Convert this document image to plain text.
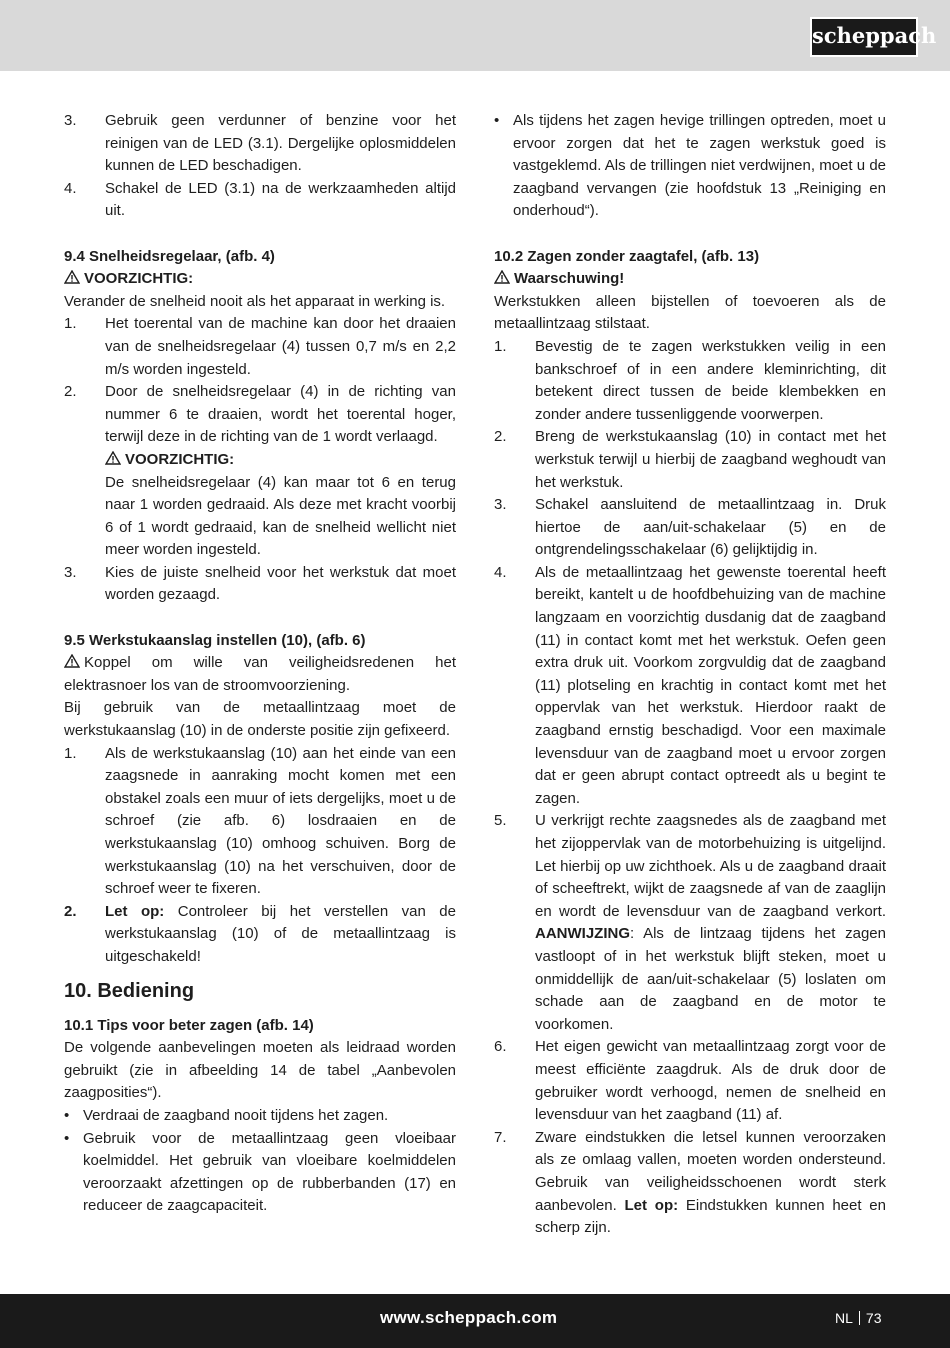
scheppach
3. Gebruik geen verdunner of benzine voor het reinigen van de LED (3.1). Dergelijke oplosmiddelen kunnen de LED beschadigen.
4. Schakel de LED (3.1) na de werkzaamheden altijd uit.

9.4 Snelheidsregelaar, (afb. 4)

VOORZICHTIG:

Verander de snelheid nooit als het apparaat in werking is.

1. Het toerental van de machine kan door het draaien van de snelheidsregelaar (4) tussen 0,7 m/s en 2,2 m/s worden ingesteld.
2. Door de snelheidsregelaar (4) in de richting van nummer 6 te draaien, wordt het toerental hoger, terwijl deze in de richting van de 1 wordt verlaagd.

VOORZICHTIG:

De snelheidsregelaar (4) kan maar tot 6 en terug naar 1 worden gedraaid. Als deze met kracht voorbij 6 of 1 wordt gedraaid, kan de snelheid wellicht niet meer worden ingesteld.

3. Kies de juiste snelheid voor het werkstuk dat moet worden gezaagd.

9.5 Werkstukaanslag instellen (10), (afb. 6)

Koppel om wille van veiligheidsredenen het elektrasnoer los van de stroomvoorziening.

Bij gebruik van de metaallintzaag moet de werkstukaanslag (10) in de onderste positie zijn gefixeerd.

1. Als de werkstukaanslag (10) aan het einde van een zaagsnede in aanraking mocht komen met een obstakel zoals een muur of iets dergelijks, moet u de schroef (zie afb. 6) losdraaien en de werkstukaanslag (10) omhoog schuiven. Borg de werkstukaanslag (10) na het verschuiven, door de schroef weer te fixeren.
2. Let op: Controleer bij het verstellen van de werkstukaanslag (10) of de metaallintzaag is uitgeschakeld!

10. Bediening

10.1 Tips voor beter zagen (afb. 14)

De volgende aanbevelingen moeten als leidraad worden gebruikt (zie in afbeelding 14 de tabel „Aanbevolen zaagposities“).

• Verdraai de zaagband nooit tijdens het zagen.
• Gebruik voor de metaallintzaag geen vloeibaar koelmiddel. Het gebruik van vloeibare koelmiddelen veroorzaakt afzettingen op de rubberbanden (17) en reduceer de zaagcapaciteit.
• Als tijdens het zagen hevige trillingen optreden, moet u ervoor zorgen dat het te zagen werkstuk goed is vastgeklemd. Als de trillingen niet verdwijnen, moet u de zaagband vervangen (zie hoofdstuk 13 „Reiniging en onderhoud“).

10.2 Zagen zonder zaagtafel, (afb. 13)

Waarschuwing!

Werkstukken alleen bijstellen of toevoeren als de metaallintzaag stilstaat.

1. Bevestig de te zagen werkstukken veilig in een bankschroef of in een andere kleminrichting, dit betekent direct tussen de beide klembekken en zonder andere tussenliggende voorwerpen.
2. Breng de werkstukaanslag (10) in contact met het werkstuk terwijl u hierbij de zaagband weghoudt van het werkstuk.
3. Schakel aansluitend de metaallintzaag in. Druk hiertoe de aan/uit-schakelaar (5) en de ontgrendelingsschakelaar (6) gelijktijdig in.
4. Als de metaallintzaag het gewenste toerental heeft bereikt, kantelt u de hoofdbehuizing van de machine langzaam en voorzichtig dusdanig dat de zaagband (11) in contact komt met het werkstuk. Oefen geen extra druk uit. Voorkom zorgvuldig dat de zaagband (11) plotseling en krachtig in contact komt met het oppervlak van het werkstuk. Hierdoor raakt de zaagband ernstig beschadigd. Voor een maximale levensduur van de zaagband moet u ervoor zorgen dat er geen abrupt contact optreedt als u begint te zagen.
5. U verkrijgt rechte zaagsnedes als de zaagband met het zijoppervlak van de motorbehuizing is uitgelijnd. Let hierbij op uw zichthoek. Als u de zaagband draait of scheeftrekt, wijkt de zaagsnede af van de zaaglijn en wordt de levensduur van de zaagband verkort. AANWIJZING: Als de lintzaag tijdens het zagen vastloopt of in het werkstuk blijft steken, moet u onmiddellijk de aan/uit-schakelaar (5) loslaten om schade aan de zaagband en de motor te voorkomen.
6. Het eigen gewicht van metaallintzaag zorgt voor de meest efficiënte zaagdruk. Als de druk door de gebruiker wordt verhoogd, nemen de snelheid en levensduur van het zaagband (11) af.
7. Zware eindstukken die letsel kunnen veroorzaken als ze omlaag vallen, moeten worden ondersteund. Gebruik van veiligheidsschoenen wordt sterk aanbevolen. Let op: Eindstukken kunnen heet en scherp zijn.
www.scheppach.com	NL 73
